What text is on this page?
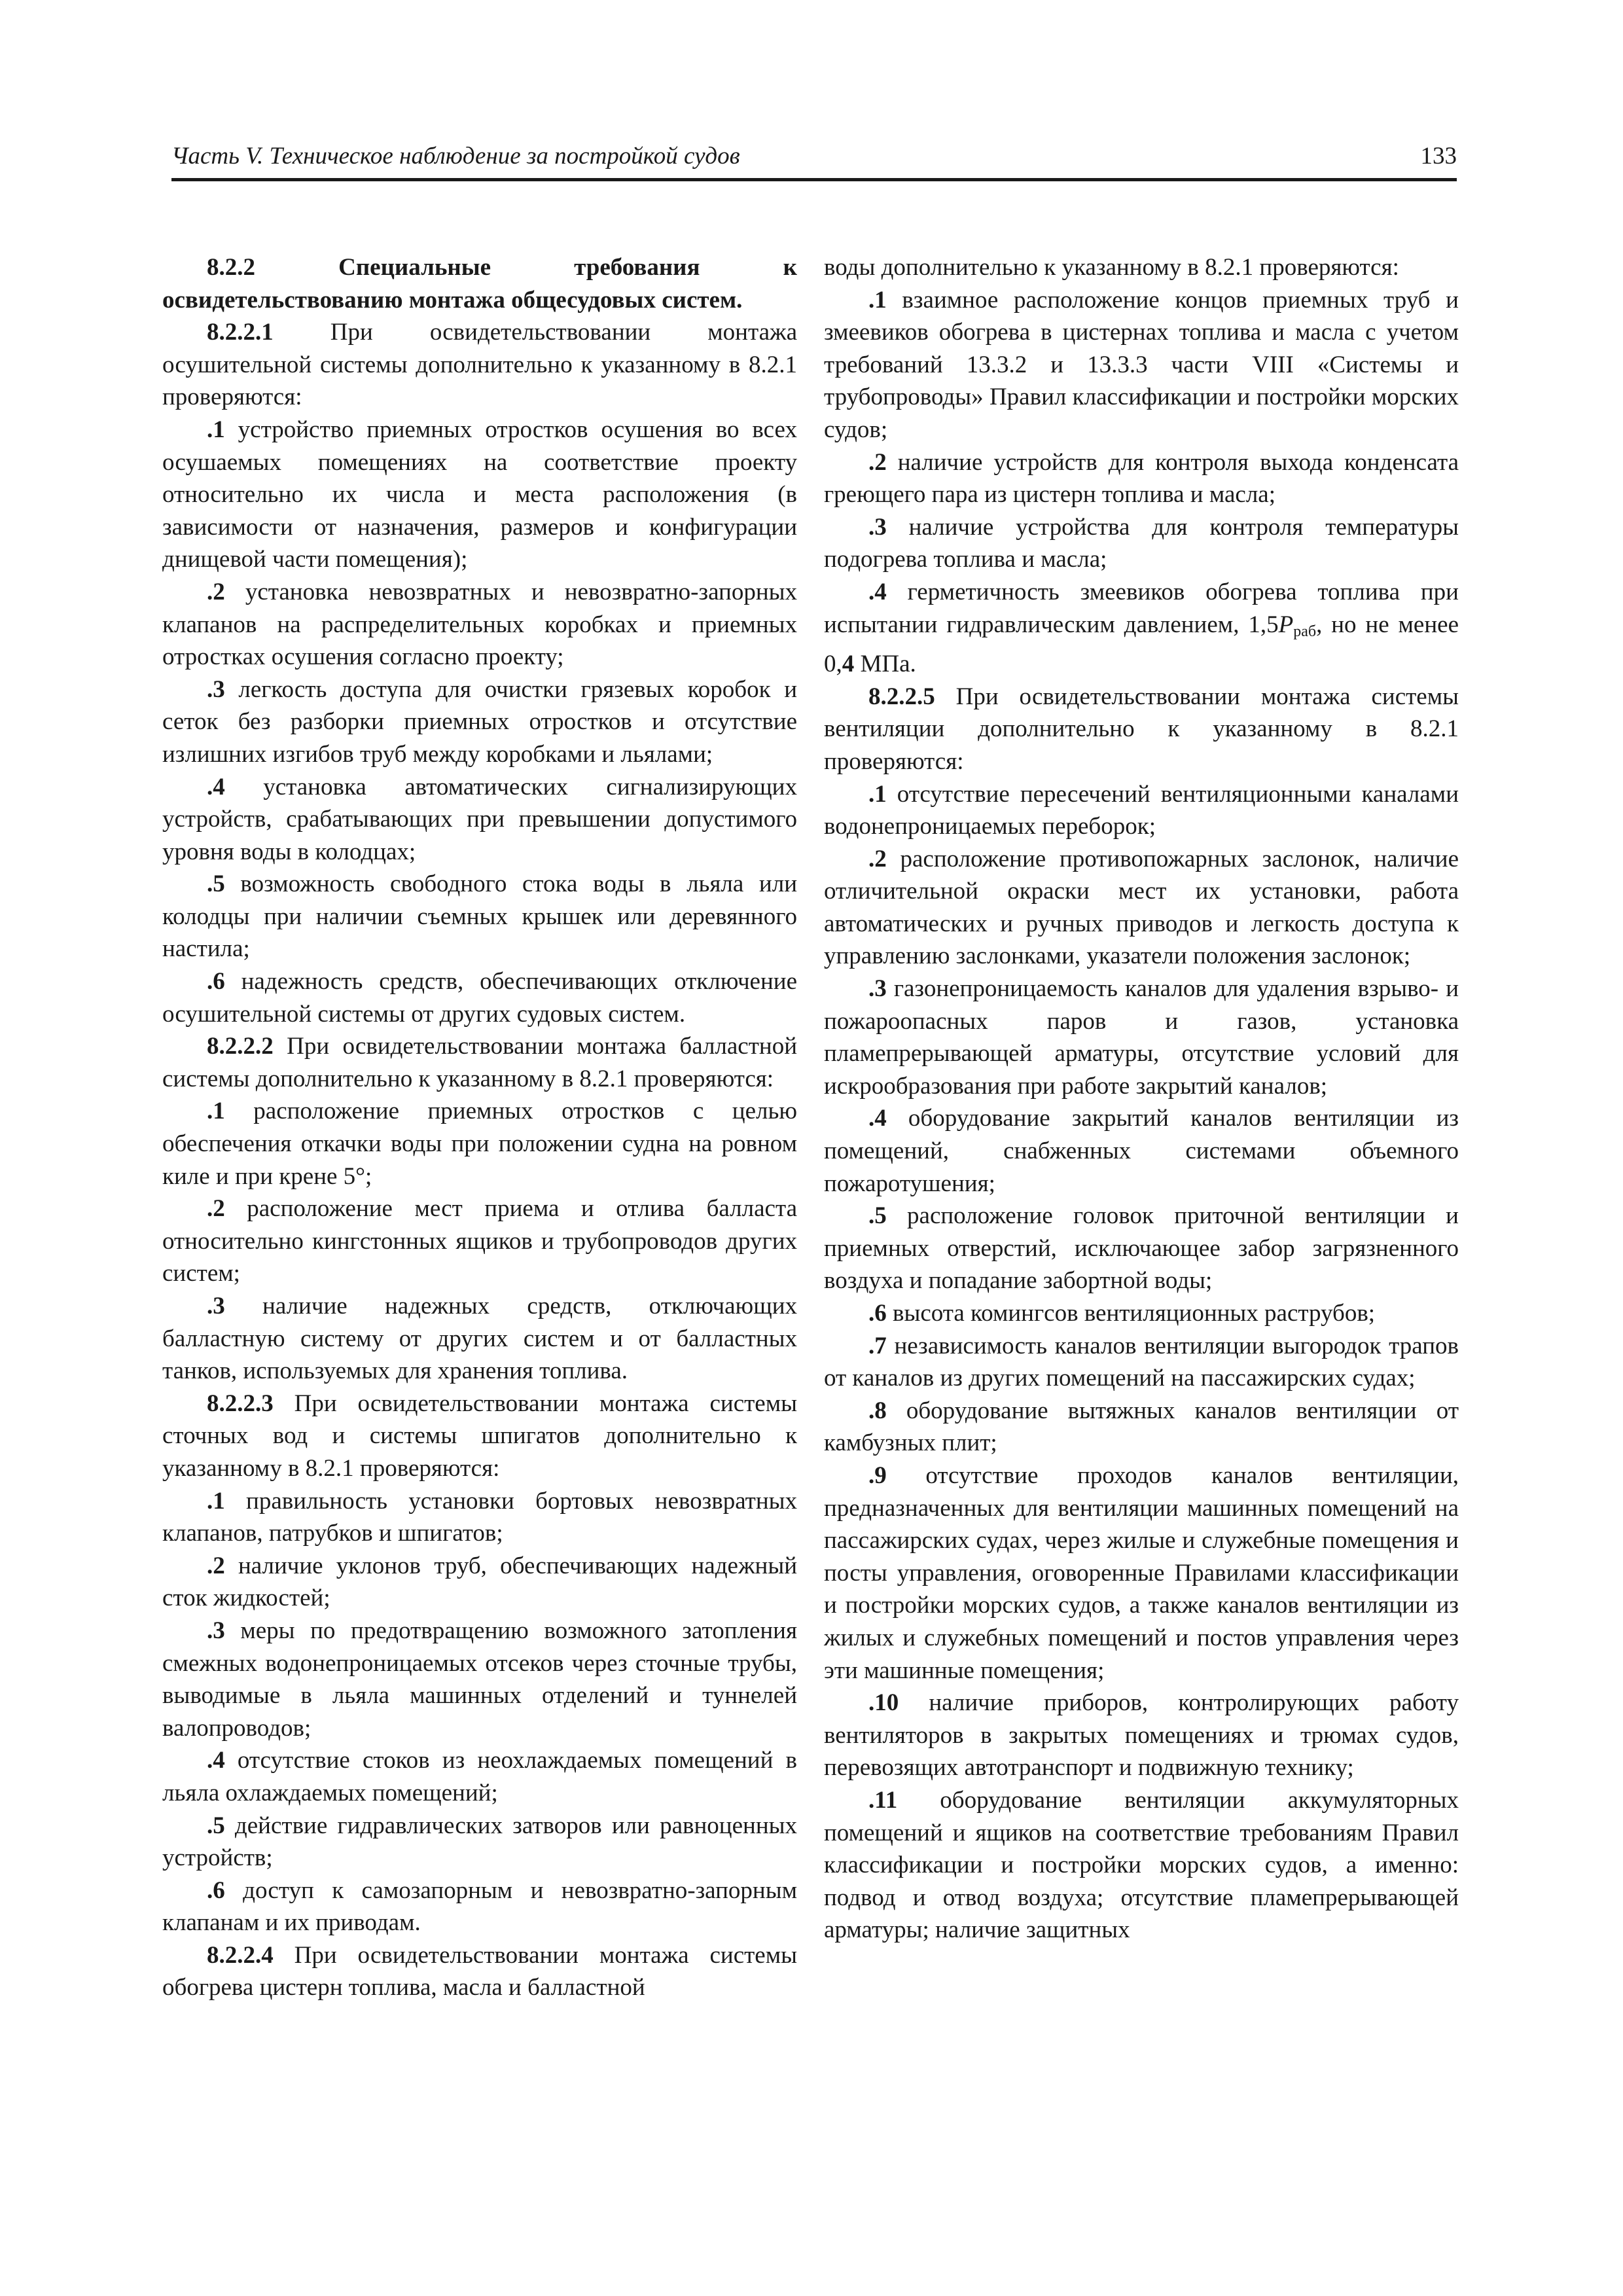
Часть V. Техническое наблюдение за постройкой судов	133

8.2.2 Специальные требования к освидетельствованию монтажа общесудовых систем.

8.2.2.1 При освидетельствовании монтажа осушительной системы дополнительно к указанному в 8.2.1 проверяются:

.1 устройство приемных отростков осушения во всех осушаемых помещениях на соответствие проекту относительно их числа и места расположения (в зависимости от назначения, размеров и конфигурации днищевой части помещения);

.2 установка невозвратных и невозвратно-запорных клапанов на распределительных коробках и приемных отростках осушения согласно проекту;

.3 легкость доступа для очистки грязевых коробок и сеток без разборки приемных отростков и отсутствие излишних изгибов труб между коробками и льялами;

.4 установка автоматических сигнализирующих устройств, срабатывающих при превышении допустимого уровня воды в колодцах;

.5 возможность свободного стока воды в льяла или колодцы при наличии съемных крышек или деревянного настила;

.6 надежность средств, обеспечивающих отключение осушительной системы от других судовых систем.

8.2.2.2 При освидетельствовании монтажа балластной системы дополнительно к указанному в 8.2.1 проверяются:

.1 расположение приемных отростков с целью обеспечения откачки воды при положении судна на ровном киле и при крене 5°;

.2 расположение мест приема и отлива балласта относительно кингстонных ящиков и трубопроводов других систем;

.3 наличие надежных средств, отключающих балластную систему от других систем и от балластных танков, используемых для хранения топлива.

8.2.2.3 При освидетельствовании монтажа системы сточных вод и системы шпигатов дополнительно к указанному в 8.2.1 проверяются:

.1 правильность установки бортовых невозвратных клапанов, патрубков и шпигатов;

.2 наличие уклонов труб, обеспечивающих надежный сток жидкостей;

.3 меры по предотвращению возможного затопления смежных водонепроницаемых отсеков через сточные трубы, выводимые в льяла машинных отделений и туннелей валопроводов;

.4 отсутствие стоков из неохлаждаемых помещений в льяла охлаждаемых помещений;

.5 действие гидравлических затворов или равноценных устройств;

.6 доступ к самозапорным и невозвратно-запорным клапанам и их приводам.

8.2.2.4 При освидетельствовании монтажа системы обогрева цистерн топлива, масла и балластной

воды дополнительно к указанному в 8.2.1 проверяются:

.1 взаимное расположение концов приемных труб и змеевиков обогрева в цистернах топлива и масла с учетом требований 13.3.2 и 13.3.3 части VIII «Системы и трубопроводы» Правил классификации и постройки морских судов;

.2 наличие устройств для контроля выхода конденсата греющего пара из цистерн топлива и масла;

.3 наличие устройства для контроля температуры подогрева топлива и масла;

.4 герметичность змеевиков обогрева топлива при испытании гидравлическим давлением, $1,5P_{раб}$, но не менее 0,4 МПа.

8.2.2.5 При освидетельствовании монтажа системы вентиляции дополнительно к указанному в 8.2.1 проверяются:

.1 отсутствие пересечений вентиляционными каналами водонепроницаемых переборок;

.2 расположение противопожарных заслонок, наличие отличительной окраски мест их установки, работа автоматических и ручных приводов и легкость доступа к управлению заслонками, указатели положения заслонок;

.3 газонепроницаемость каналов для удаления взрыво- и пожароопасных паров и газов, установка пламепрерывающей арматуры, отсутствие условий для искрообразования при работе закрытий каналов;

.4 оборудование закрытий каналов вентиляции из помещений, снабженных системами объемного пожаротушения;

.5 расположение головок приточной вентиляции и приемных отверстий, исключающее забор загрязненного воздуха и попадание забортной воды;

.6 высота комингсов вентиляционных раструбов;

.7 независимость каналов вентиляции выгородок трапов от каналов из других помещений на пассажирских судах;

.8 оборудование вытяжных каналов вентиляции от камбузных плит;

.9 отсутствие проходов каналов вентиляции, предназначенных для вентиляции машинных помещений на пассажирских судах, через жилые и служебные помещения и посты управления, оговоренные Правилами классификации и постройки морских судов, а также каналов вентиляции из жилых и служебных помещений и постов управления через эти машинные помещения;

.10 наличие приборов, контролирующих работу вентиляторов в закрытых помещениях и трюмах судов, перевозящих автотранспорт и подвижную технику;

.11 оборудование вентиляции аккумуляторных помещений и ящиков на соответствие требованиям Правил классификации и постройки морских судов, а именно: подвод и отвод воздуха; отсутствие пламепрерывающей арматуры; наличие защитных
